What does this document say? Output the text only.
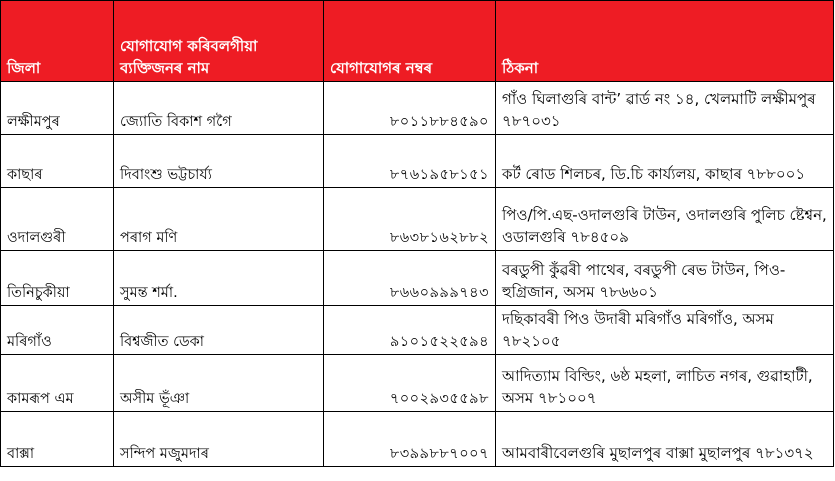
জিলা	যোগাযোগ কৰিবলগীয়া ব্যক্তিজনৰ নাম	যোগাযোগৰ নম্বৰ	ঠিকনা
লক্ষীমপুৰ	জ্যোতি বিকাশ গগৈ	৮০১১৮৮৪৫৯০	গাঁও ঘিলাগুৰি বান্ট’ ৱাৰ্ড নং ১৪, খেলমাটি লক্ষীমপুৰ ৭৮৭০৩১
কাছাৰ	দিবাংশু ভট্টচাৰ্য্য	৮৭৬১৯৫৮১৫১	কৰ্ট ৰোড শিলচৰ, ডি.চি কাৰ্য্যলয়, কাছাৰ ৭৮৮০০১
ওদালগুৰী	পৰাগ মণি	৮৬৩৮১৬২৮৮২	পিও/পি.এছ-ওদালগুৰি টাউন, ওদালগুৰি পুলিচ ষ্টেশ্বন, ওডালগুৰি ৭৮৪৫০৯
তিনিচুকীয়া	সুমন্ত শৰ্মা.	৮৬৬০৯৯৯৭৪৩	বৰডুপী কুঁৱৰী পাথেৰ, বৰডুপী ৰেভ টাউন, পিও-হুগ্রিজান, অসম ৭৮৬৬০১
মৰিগাঁও	বিশ্বজীত ডেকা	৯১০১৫২২৫৯৪	দছিকাবৰী পিও উদাৰী মৰিগাঁও মৰিগাঁও, অসম ৭৮২১০৫
কামৰূপ এম	অসীম ভূঁঞা	৭০০২৯৩৫৫৯৮	আদিত্যাম বিল্ডিং, ৬ষ্ঠ মহলা, লাচিত নগৰ, গুৱাহাটী, অসম ৭৮১০০৭
বাক্সা	সন্দিপ মজুমদাৰ	৮৩৯৯৮৮৭০০৭	আমবাৰীবেলগুৰি মুছালপুৰ বাক্সা মুছালপুৰ ৭৮১৩৭২
